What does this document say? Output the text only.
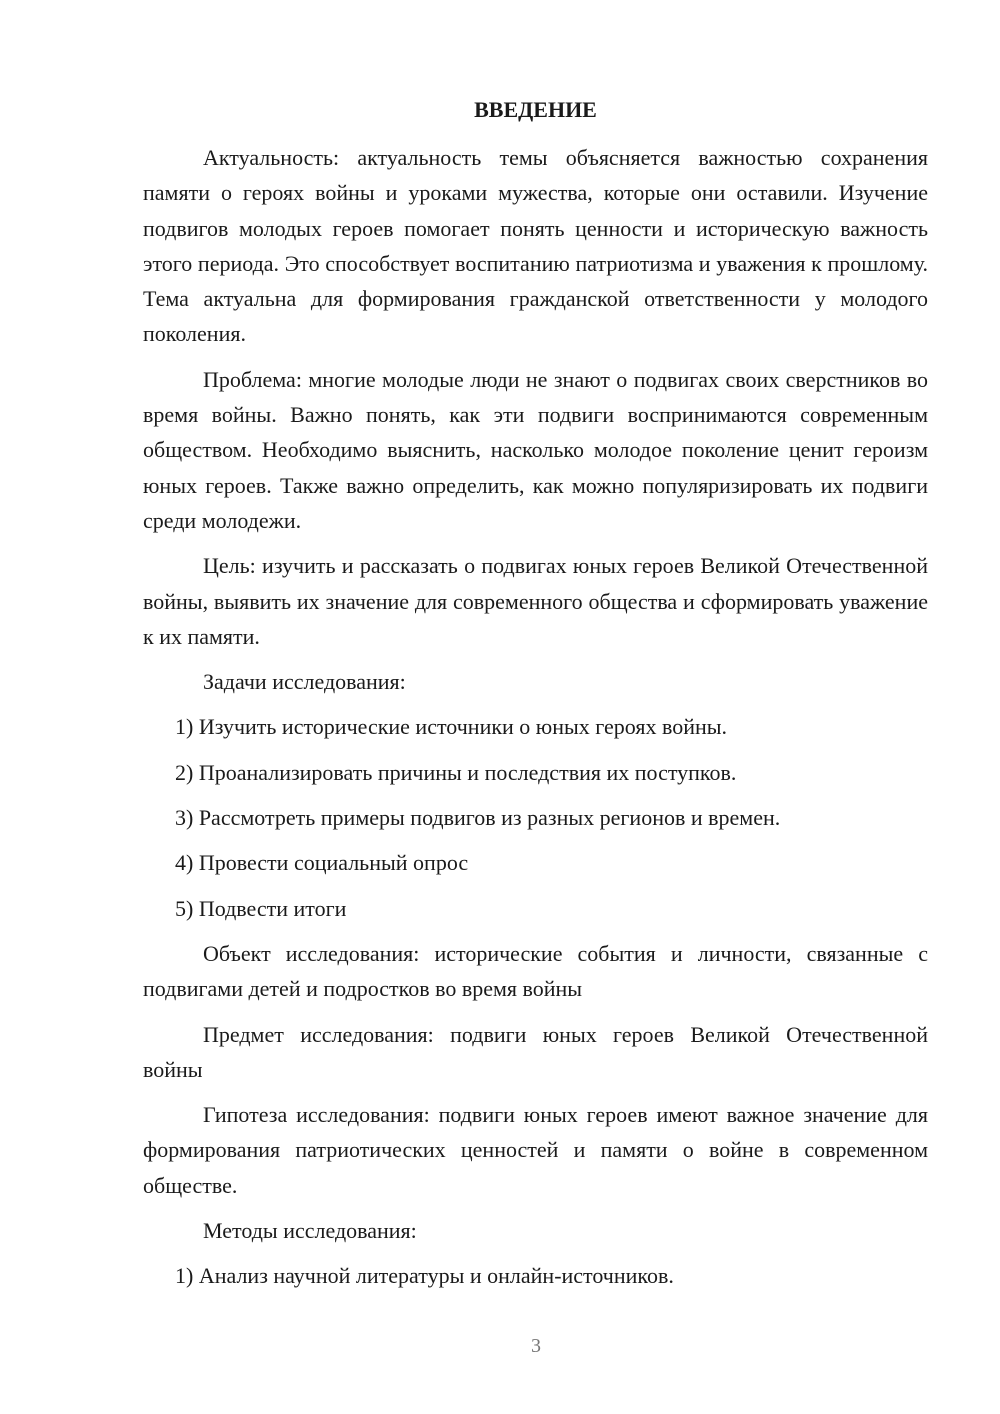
ВВЕДЕНИЕ

Актуальность: актуальность темы объясняется важностью сохранения памяти о героях войны и уроками мужества, которые они оставили. Изучение подвигов молодых героев помогает понять ценности и историческую важность этого периода. Это способствует воспитанию патриотизма и уважения к прошлому. Тема актуальна для формирования гражданской ответственности у молодого поколения.

Проблема: многие молодые люди не знают о подвигах своих сверстников во время войны. Важно понять, как эти подвиги воспринимаются современным обществом. Необходимо выяснить, насколько молодое поколение ценит героизм юных героев. Также важно определить, как можно популяризировать их подвиги среди молодежи.

Цель: изучить и рассказать о подвигах юных героев Великой Отечественной войны, выявить их значение для современного общества и сформировать уважение к их памяти.

Задачи исследования:

1) Изучить исторические источники о юных героях войны.

2) Проанализировать причины и последствия их поступков.

3) Рассмотреть примеры подвигов из разных регионов и времен.

4) Провести социальный опрос

5) Подвести итоги

Объект исследования: исторические события и личности, связанные с подвигами детей и подростков во время войны

Предмет исследования: подвиги юных героев Великой Отечественной войны

Гипотеза исследования: подвиги юных героев имеют важное значение для формирования патриотических ценностей и памяти о войне в современном обществе.

Методы исследования:

1) Анализ научной литературы и онлайн-источников.

3
